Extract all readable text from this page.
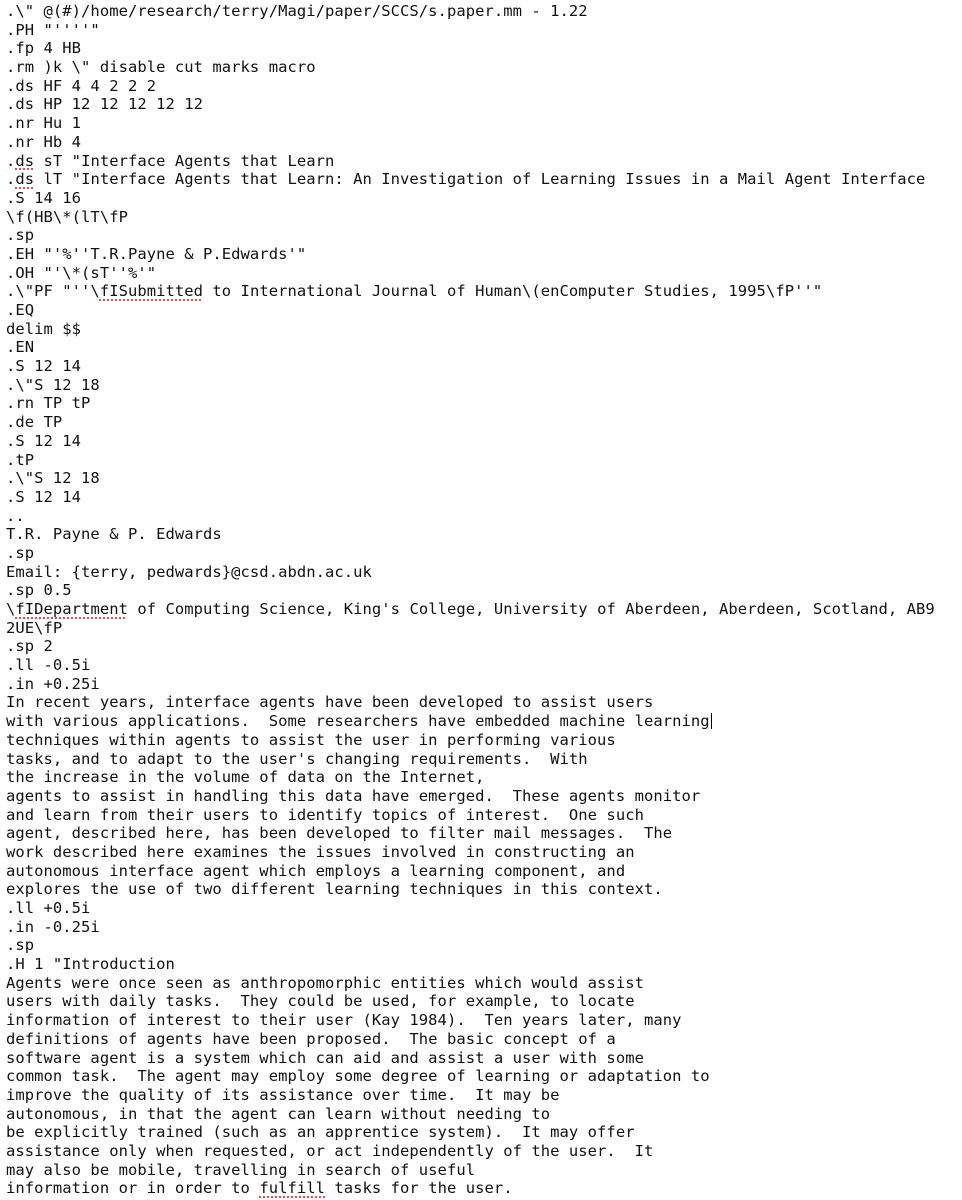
.\" @(#)/home/research/terry/Magi/paper/SCCS/s.paper.mm - 1.22
.PH "''''"
.fp 4 HB
.rm )k \" disable cut marks macro
.ds HF 4 4 2 2 2
.ds HP 12 12 12 12 12
.nr Hu 1
.nr Hb 4
.ds sT "Interface Agents that Learn
.ds lT "Interface Agents that Learn: An Investigation of Learning Issues in a Mail Agent Interface
.S 14 16
\f(HB\*(lT\fP
.sp
.EH "'%''T.R.Payne & P.Edwards'"
.OH "'\*(sT''%'"
.\"PF "''\fISubmitted to International Journal of Human\(enComputer Studies, 1995\fP''"
.EQ
delim $$
.EN
.S 12 14
.\"S 12 18
.rn TP tP
.de TP
.S 12 14
.tP
.\"S 12 18
.S 12 14
..
T.R. Payne & P. Edwards
.sp
Email: {terry, pedwards}@csd.abdn.ac.uk
.sp 0.5
\fIDepartment of Computing Science, King's College, University of Aberdeen, Aberdeen, Scotland, AB9
2UE\fP
.sp 2
.ll -0.5i
.in +0.25i
In recent years, interface agents have been developed to assist users
with various applications.  Some researchers have embedded machine learning
techniques within agents to assist the user in performing various
tasks, and to adapt to the user's changing requirements.  With
the increase in the volume of data on the Internet,
agents to assist in handling this data have emerged.  These agents monitor
and learn from their users to identify topics of interest.  One such
agent, described here, has been developed to filter mail messages.  The
work described here examines the issues involved in constructing an
autonomous interface agent which employs a learning component, and
explores the use of two different learning techniques in this context.
.ll +0.5i
.in -0.25i
.sp
.H 1 "Introduction
Agents were once seen as anthropomorphic entities which would assist
users with daily tasks.  They could be used, for example, to locate
information of interest to their user (Kay 1984).  Ten years later, many
definitions of agents have been proposed.  The basic concept of a
software agent is a system which can aid and assist a user with some
common task.  The agent may employ some degree of learning or adaptation to
improve the quality of its assistance over time.  It may be
autonomous, in that the agent can learn without needing to
be explicitly trained (such as an apprentice system).  It may offer
assistance only when requested, or act independently of the user.  It
may also be mobile, travelling in search of useful
information or in order to fulfill tasks for the user.
